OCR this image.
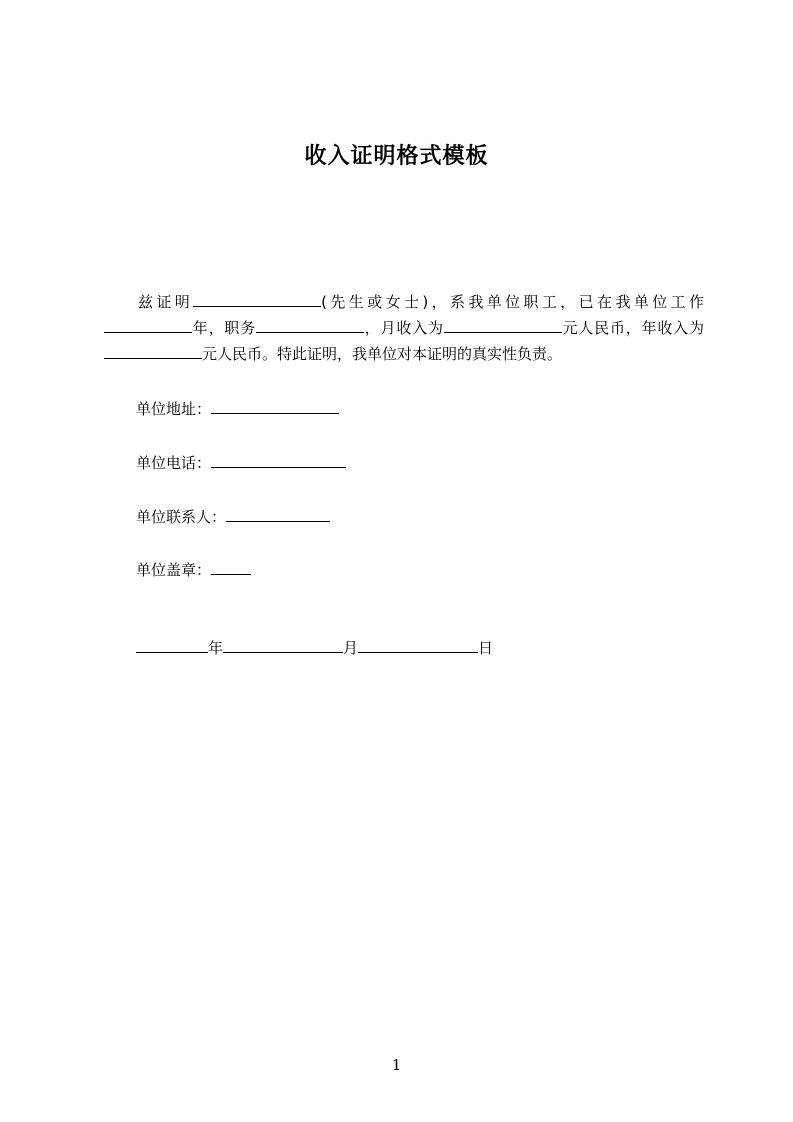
收入证明格式模板
兹证明	(先生或女士)，系我单位职工，已在我单位工作年，职务	，月收入为	元人民币，年收入为元人民币。特此证明，我单位对本证明的真实性负责。
单位地址：
单位电话：
单位联系人：
单位盖章：
年	月	日
1
